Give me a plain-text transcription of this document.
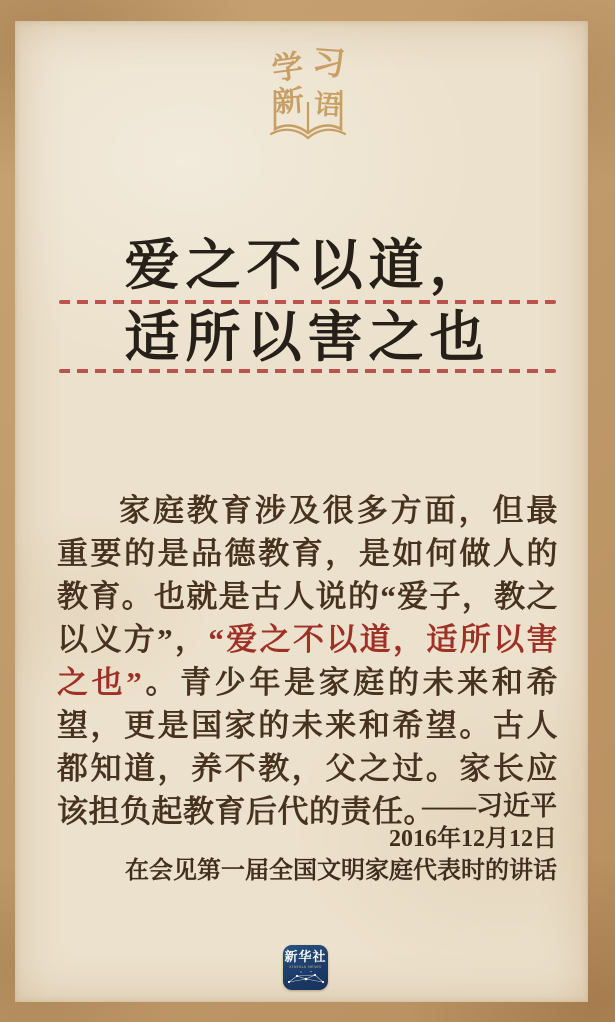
学 习
新 语
爱之不以道，
适所以害之也
家庭教育涉及很多方面，但最重要的是品德教育，是如何做人的教育。也就是古人说的“爱子，教之以义方”，“爱之不以道，适所以害之也”。青少年是家庭的未来和希望，更是国家的未来和希望。古人都知道，养不教，父之过。家长应该担负起教育后代的责任。
——习近平
2016年12月12日
在会见第一届全国文明家庭代表时的讲话
新华社
XINHUA NEWS
